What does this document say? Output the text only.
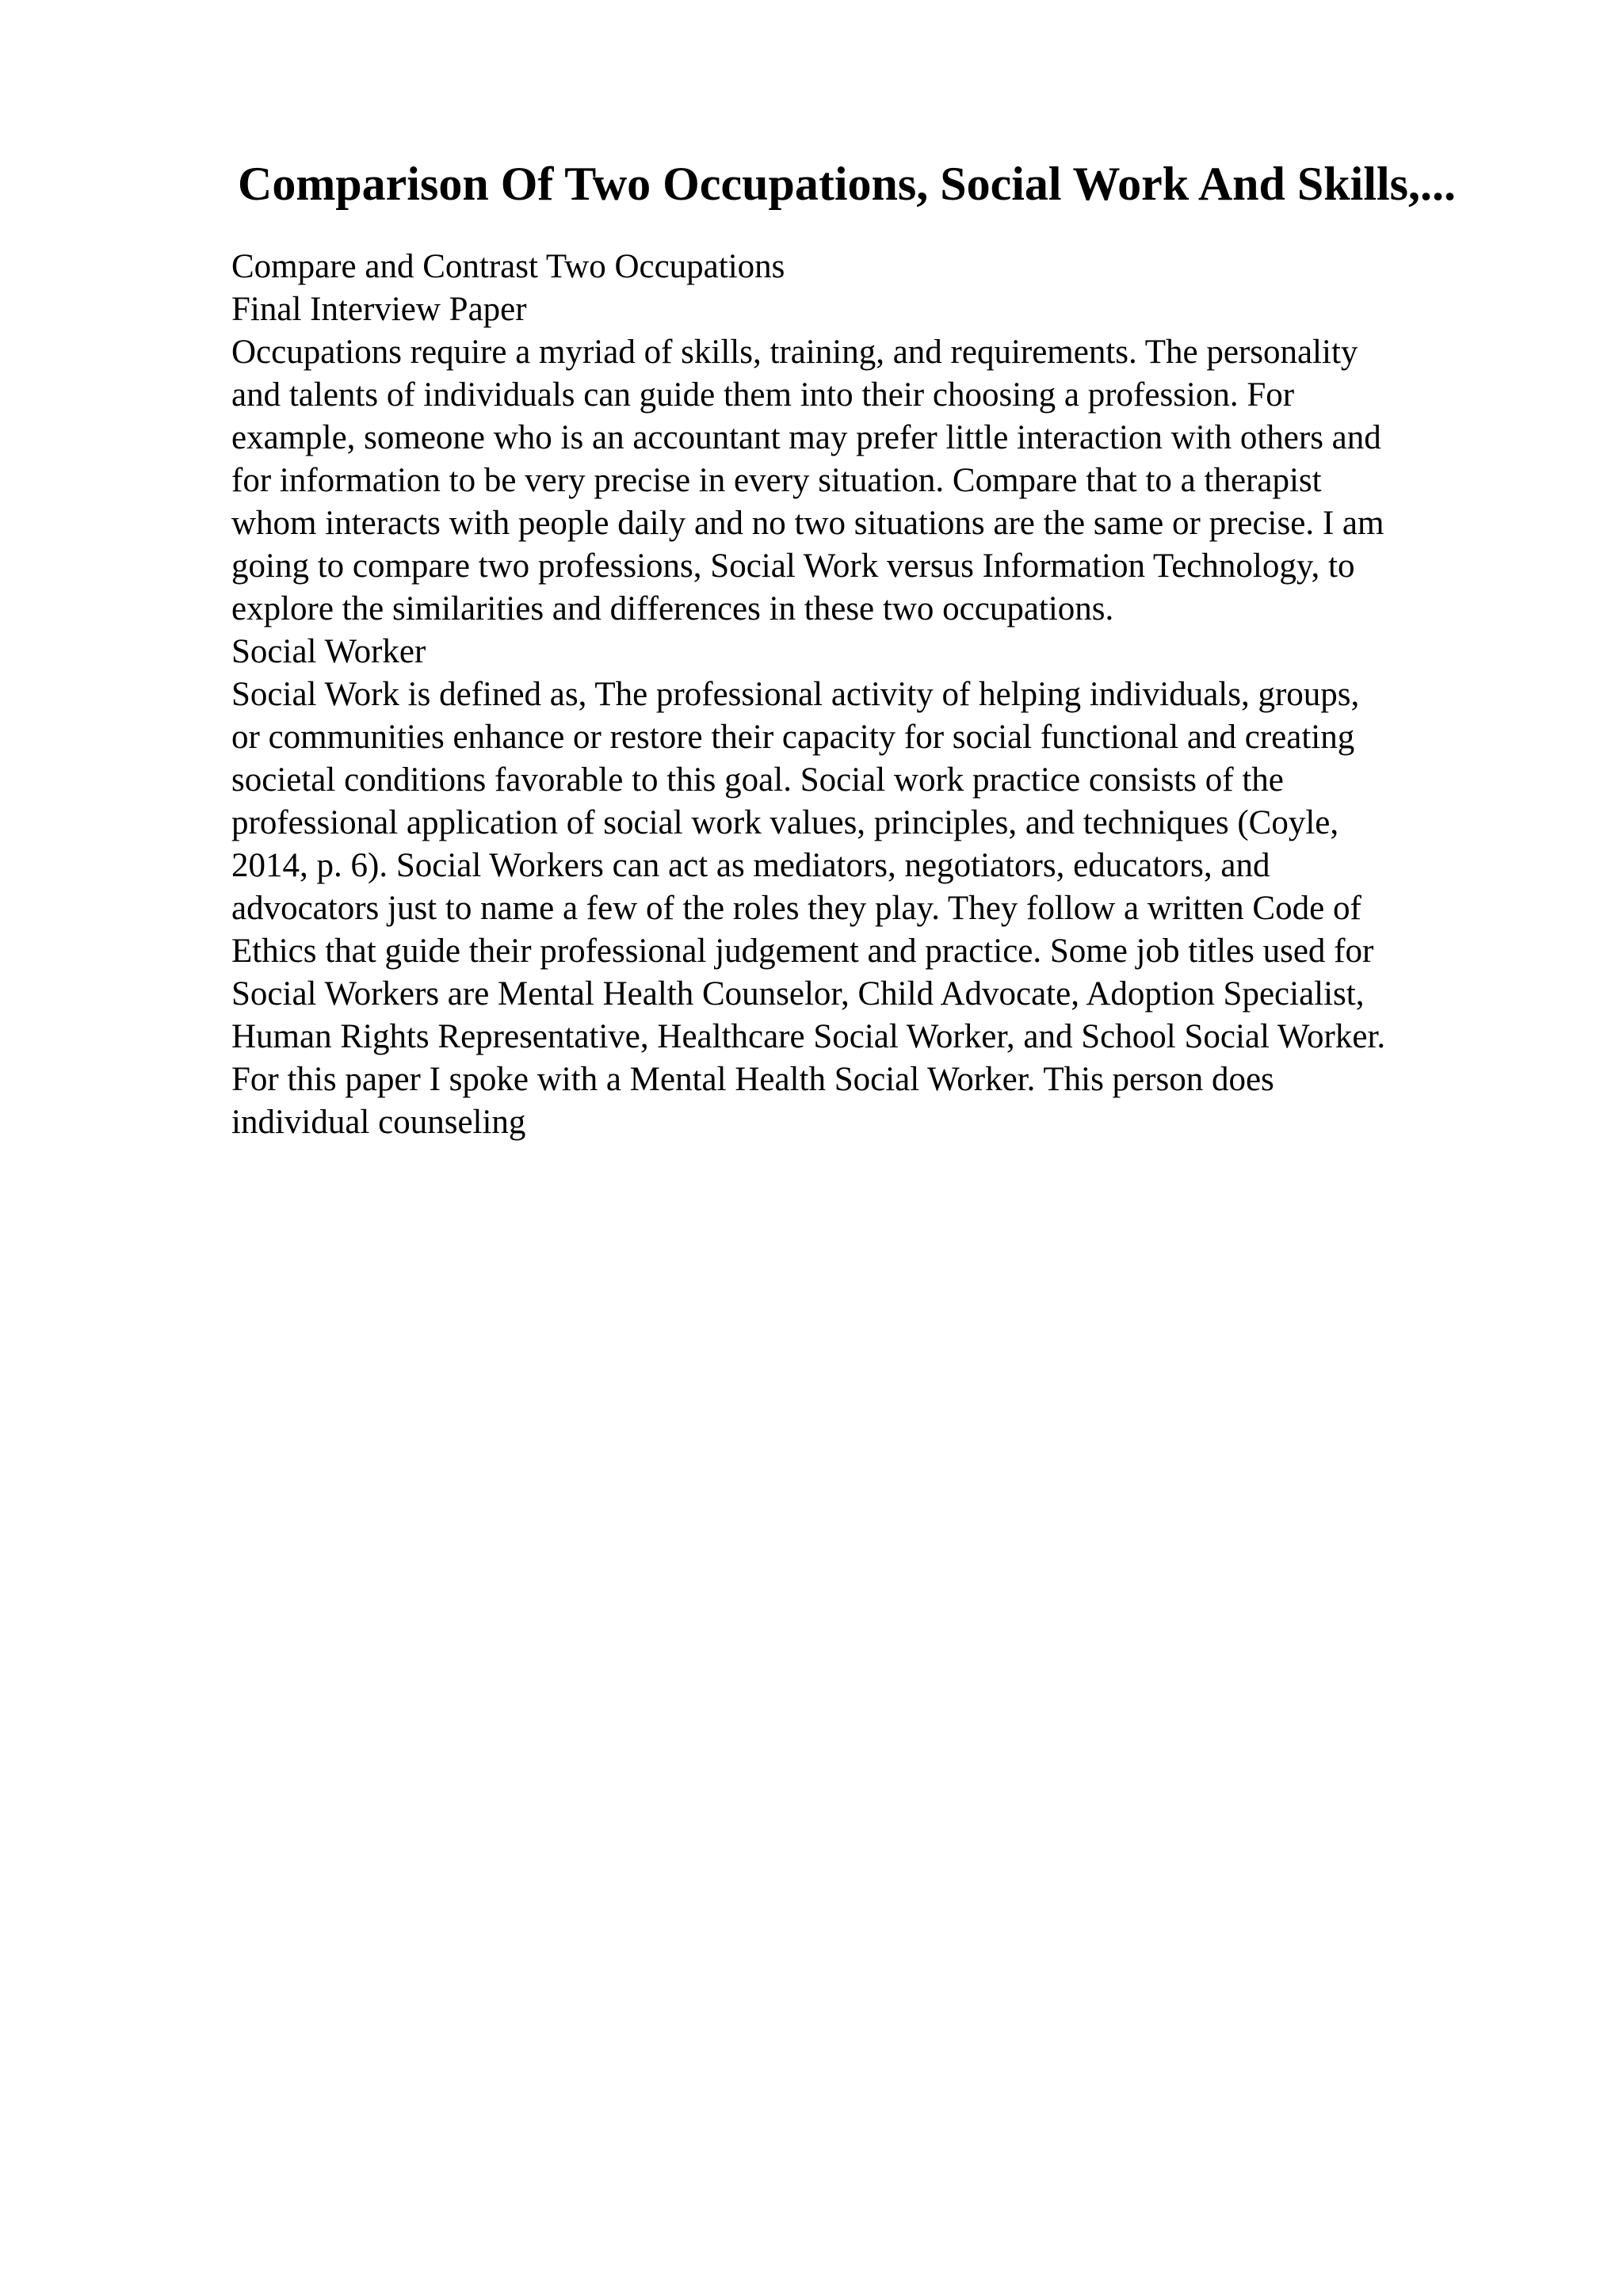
Comparison Of Two Occupations, Social Work And Skills,...

Compare and Contrast Two Occupations

Final Interview Paper

Occupations require a myriad of skills, training, and requirements. The personality

and talents of individuals can guide them into their choosing a profession. For

example, someone who is an accountant may prefer little interaction with others and

for information to be very precise in every situation. Compare that to a therapist

whom interacts with people daily and no two situations are the same or precise. I am

going to compare two professions, Social Work versus Information Technology, to

explore the similarities and differences in these two occupations.

Social Worker

Social Work is defined as, The professional activity of helping individuals, groups,

or communities enhance or restore their capacity for social functional and creating

societal conditions favorable to this goal. Social work practice consists of the

professional application of social work values, principles, and techniques (Coyle,

2014, p. 6). Social Workers can act as mediators, negotiators, educators, and

advocators just to name a few of the roles they play. They follow a written Code of

Ethics that guide their professional judgement and practice. Some job titles used for

Social Workers are Mental Health Counselor, Child Advocate, Adoption Specialist,

Human Rights Representative, Healthcare Social Worker, and School Social Worker.

For this paper I spoke with a Mental Health Social Worker. This person does

individual counseling
